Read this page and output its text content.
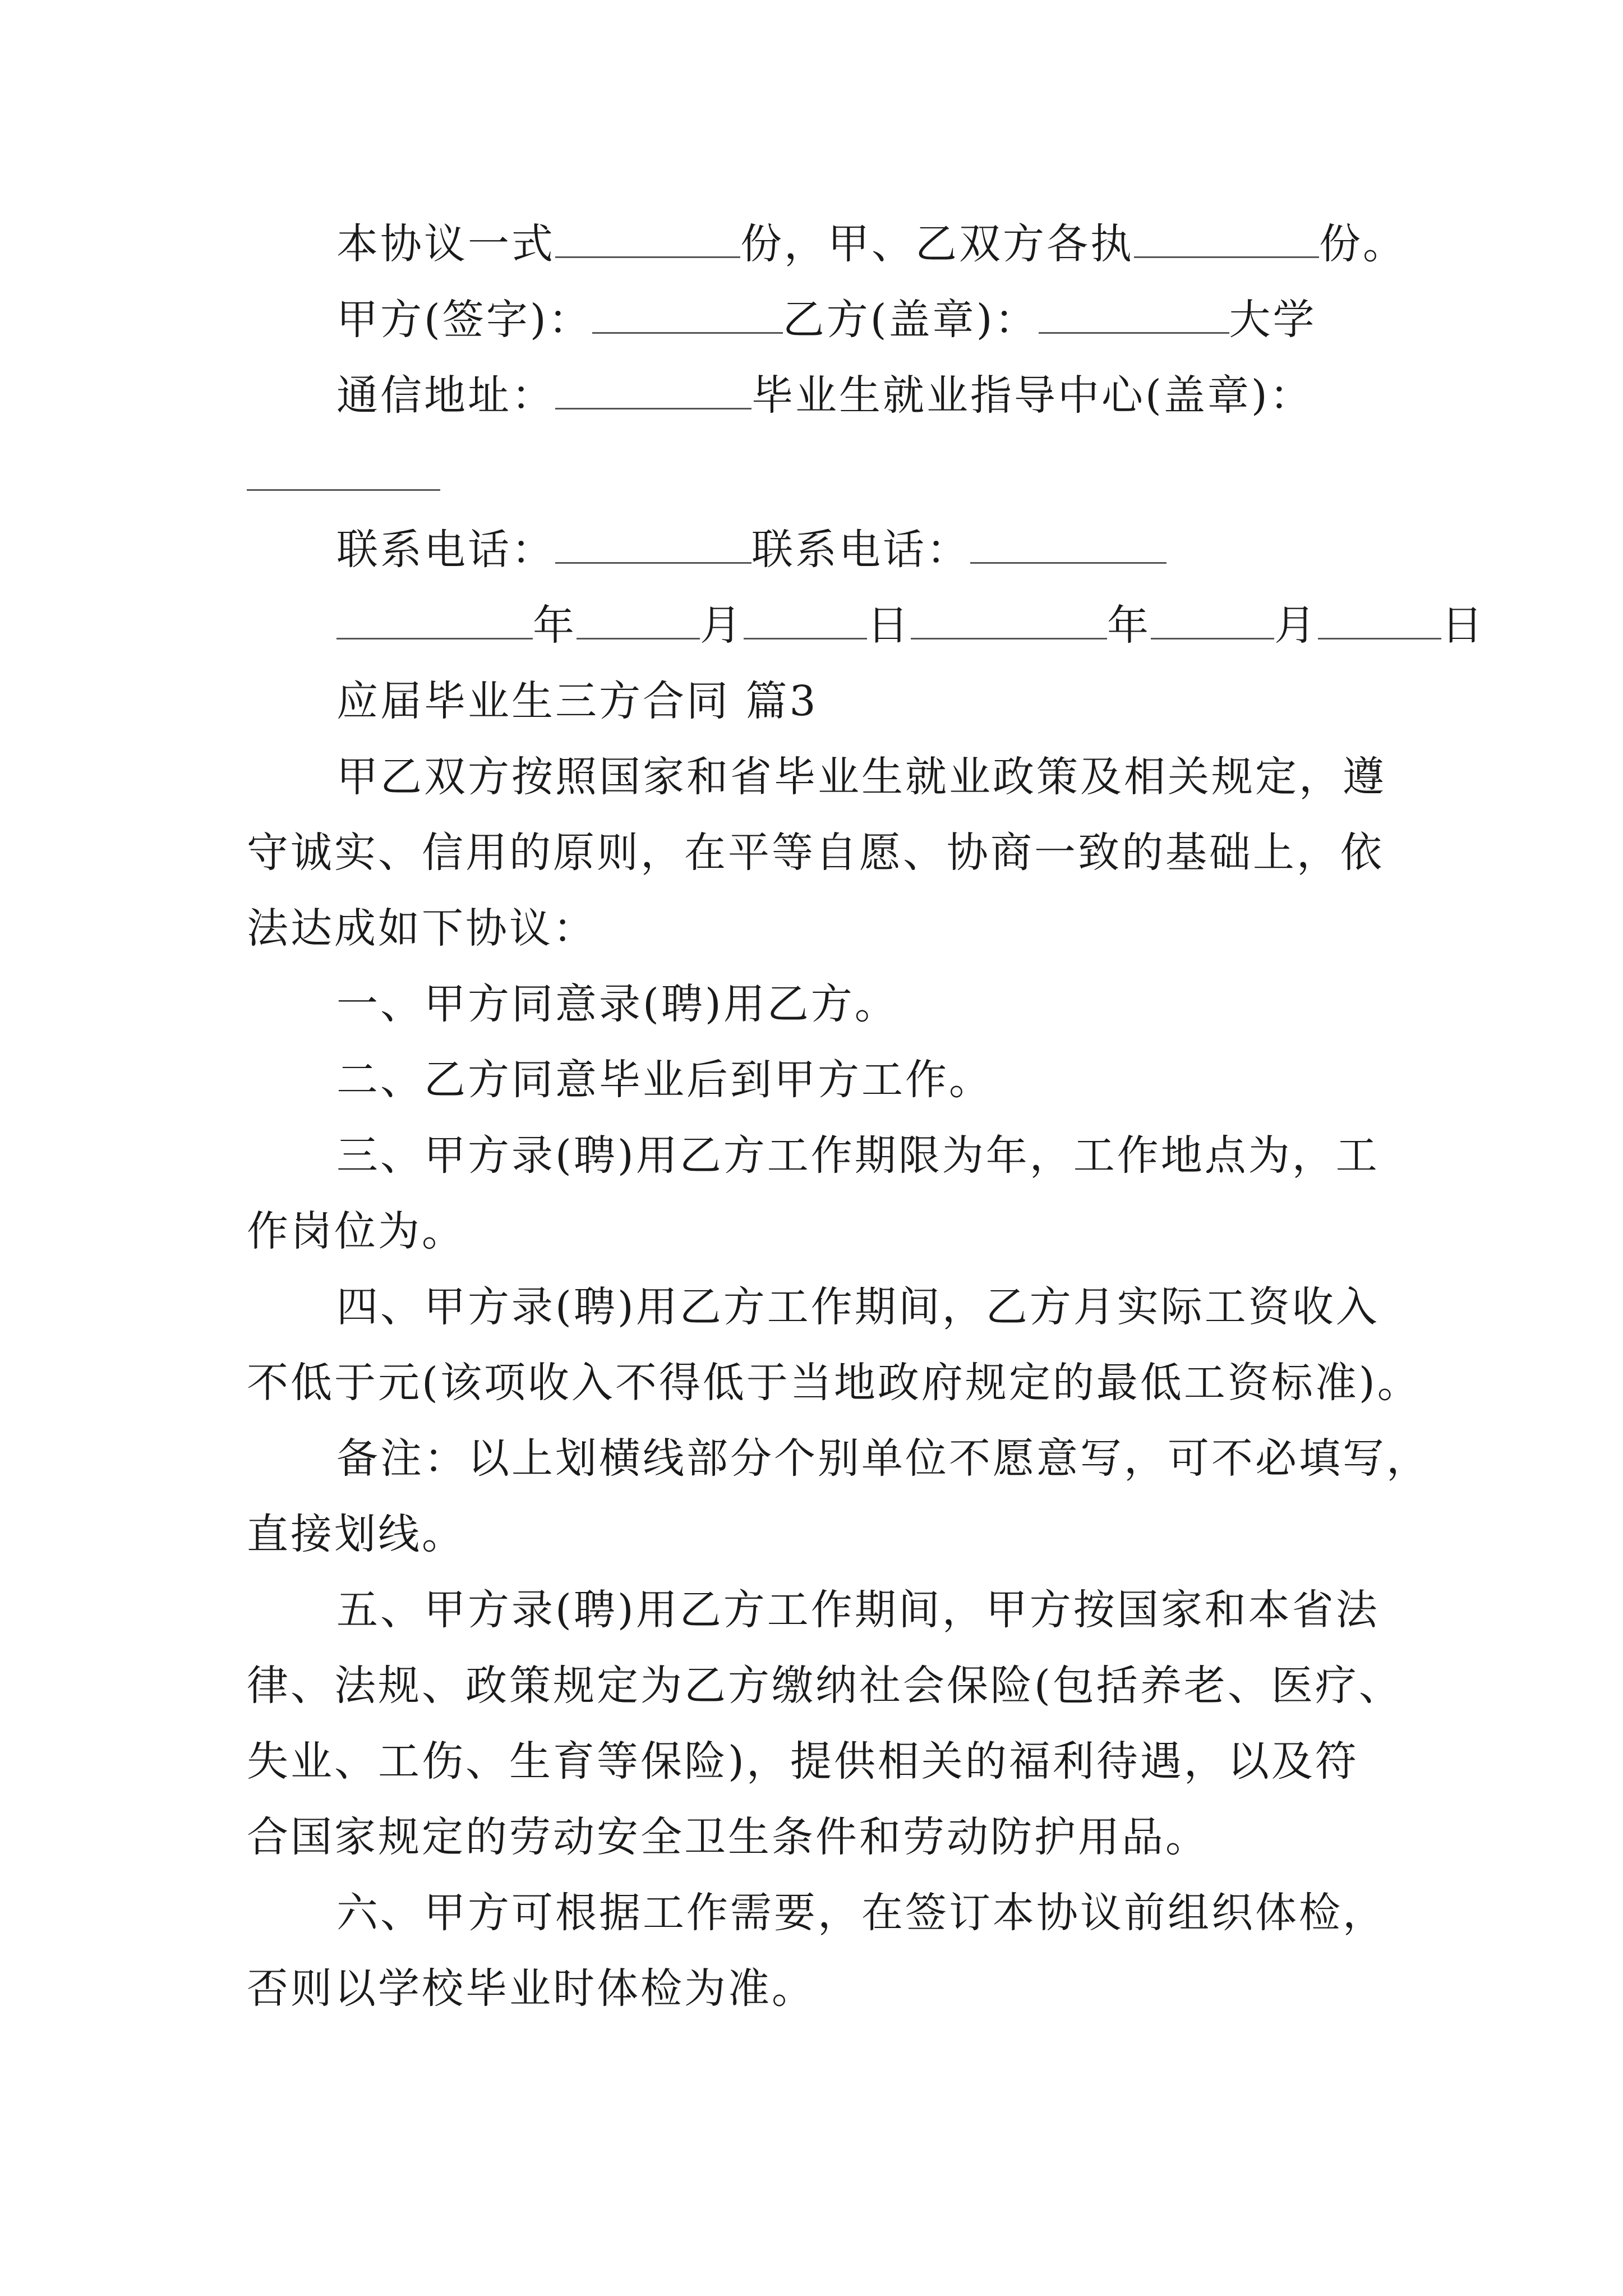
本协议一式	份，甲、乙双方各执	份。
甲方(签字)：	乙方(盖章)：	大学
通信地址：	毕业生就业指导中心(盖章)：
联系电话：	联系电话：
年	月	日	年	月	日
应届毕业生三方合同 篇3
甲乙双方按照国家和省毕业生就业政策及相关规定，遵
守诚实、信用的原则，在平等自愿、协商一致的基础上，依
法达成如下协议：
一、甲方同意录(聘)用乙方。
二、乙方同意毕业后到甲方工作。
三、甲方录(聘)用乙方工作期限为年，工作地点为，工
作岗位为。
四、甲方录(聘)用乙方工作期间，乙方月实际工资收入
不低于元(该项收入不得低于当地政府规定的最低工资标准)。
备注：以上划横线部分个别单位不愿意写，可不必填写，
直接划线。
五、甲方录(聘)用乙方工作期间，甲方按国家和本省法
律、法规、政策规定为乙方缴纳社会保险(包括养老、医疗、
失业、工伤、生育等保险)，提供相关的福利待遇，以及符
合国家规定的劳动安全卫生条件和劳动防护用品。
六、甲方可根据工作需要，在签订本协议前组织体检，
否则以学校毕业时体检为准。
